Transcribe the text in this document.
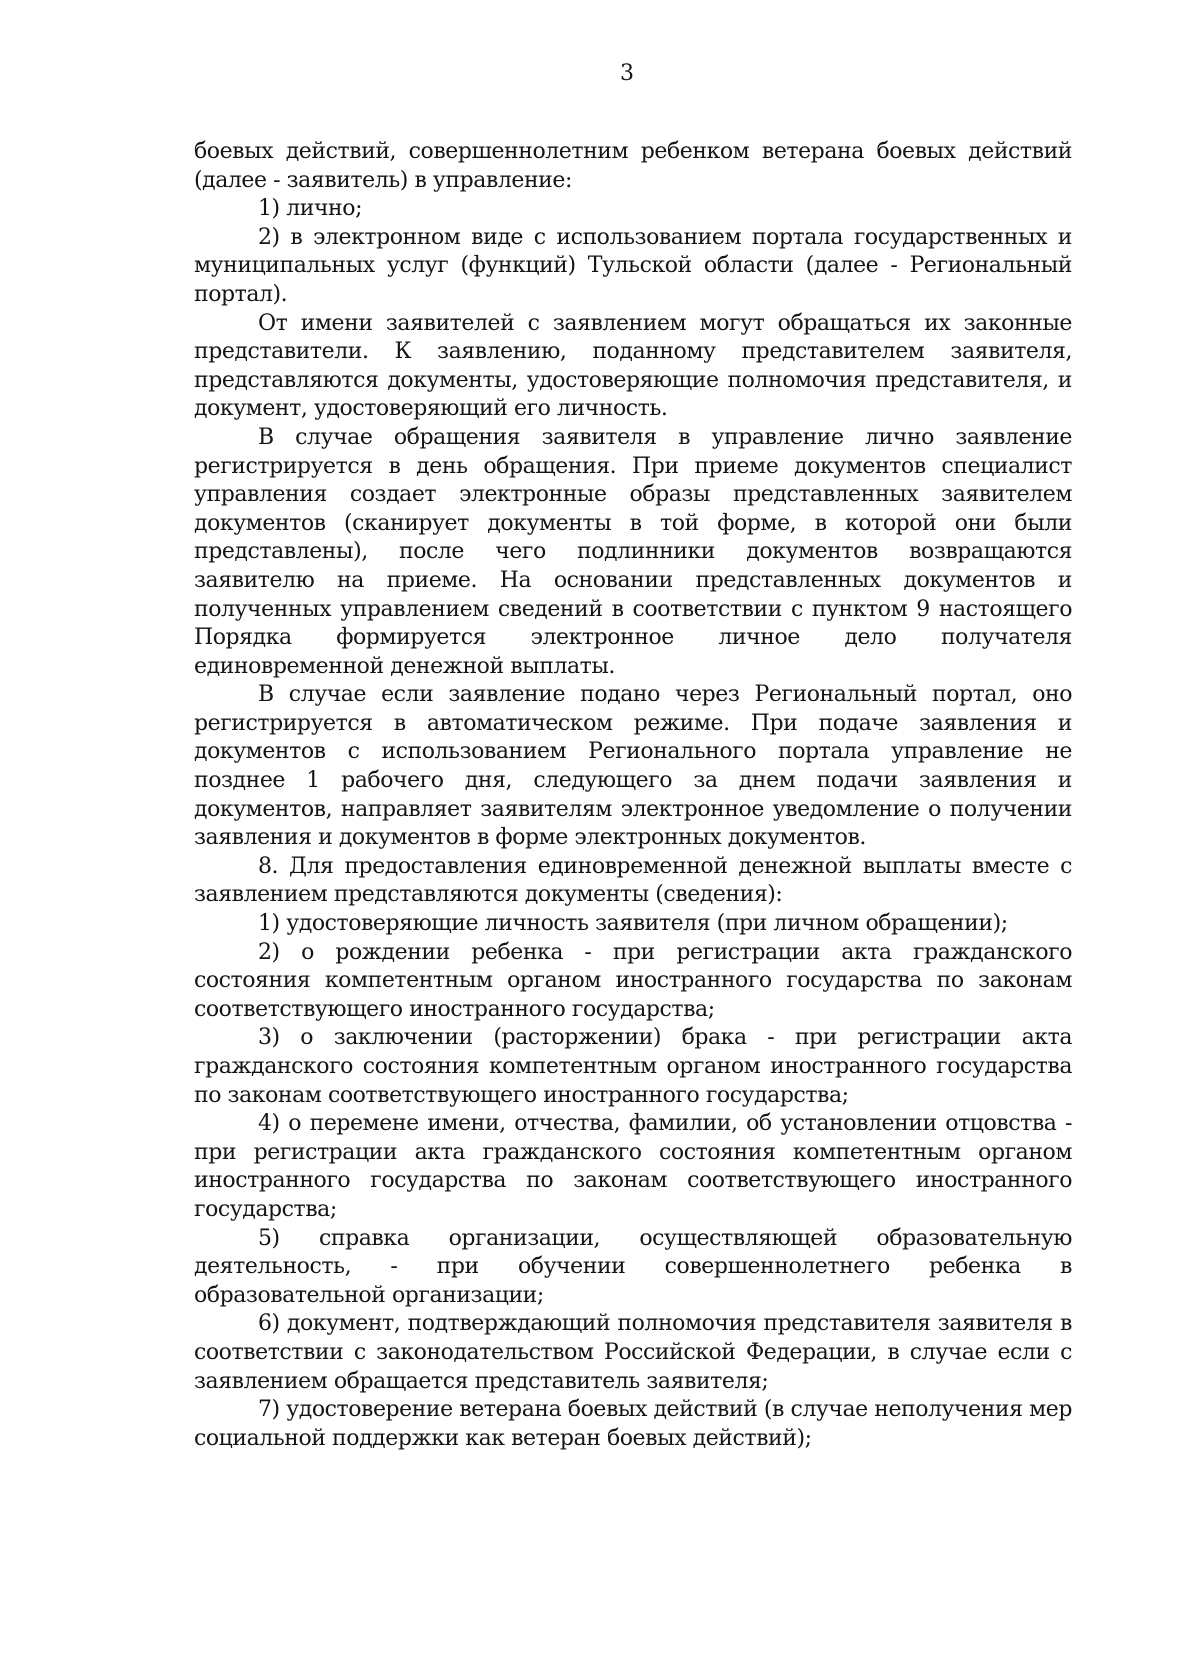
3

боевых действий, совершеннолетним ребенком ветерана боевых действий (далее - заявитель) в управление:

1) лично;

2) в электронном виде с использованием портала государственных и муниципальных услуг (функций) Тульской области (далее - Региональный портал).

От имени заявителей с заявлением могут обращаться их законные представители. К заявлению, поданному представителем заявителя, представляются документы, удостоверяющие полномочия представителя, и документ, удостоверяющий его личность.

В случае обращения заявителя в управление лично заявление регистрируется в день обращения. При приеме документов специалист управления создает электронные образы представленных заявителем документов (сканирует документы в той форме, в которой они были представлены), после чего подлинники документов возвращаются заявителю на приеме. На основании представленных документов и полученных управлением сведений в соответствии с пунктом 9 настоящего Порядка формируется электронное личное дело получателя единовременной денежной выплаты.

В случае если заявление подано через Региональный портал, оно регистрируется в автоматическом режиме. При подаче заявления и документов с использованием Регионального портала управление не позднее 1 рабочего дня, следующего за днем подачи заявления и документов, направляет заявителям электронное уведомление о получении заявления и документов в форме электронных документов.

8. Для предоставления единовременной денежной выплаты вместе с заявлением представляются документы (сведения):

1) удостоверяющие личность заявителя (при личном обращении);

2) о рождении ребенка - при регистрации акта гражданского состояния компетентным органом иностранного государства по законам соответствующего иностранного государства;

3) о заключении (расторжении) брака - при регистрации акта гражданского состояния компетентным органом иностранного государства по законам соответствующего иностранного государства;

4) о перемене имени, отчества, фамилии, об установлении отцовства - при регистрации акта гражданского состояния компетентным органом иностранного государства по законам соответствующего иностранного государства;

5) справка организации, осуществляющей образовательную деятельность, - при обучении совершеннолетнего ребенка в образовательной организации;

6) документ, подтверждающий полномочия представителя заявителя в соответствии с законодательством Российской Федерации, в случае если с заявлением обращается представитель заявителя;

7) удостоверение ветерана боевых действий (в случае неполучения мер социальной поддержки как ветеран боевых действий);
